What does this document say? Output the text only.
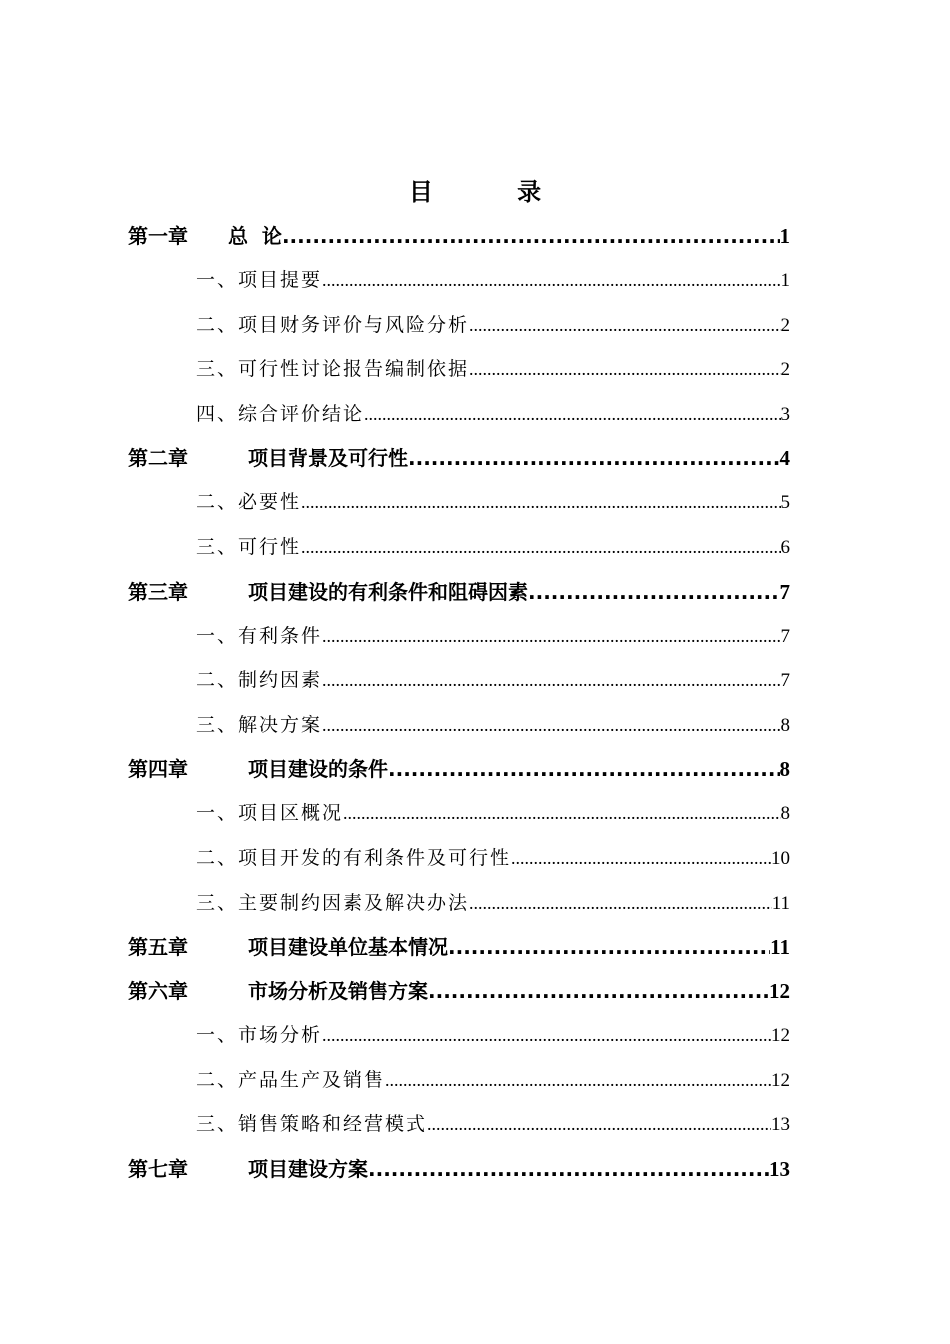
目 录
第一章	总  论 .....	1
一、项目提要 .....	1
二、项目财务评价与风险分析 .....	2
三、可行性讨论报告编制依据 .....	2
四、综合评价结论 .....	3
第二章	项目背景及可行性 .....	4
二、必要性 .....	5
三、可行性 .....	6
第三章	项目建设的有利条件和阻碍因素 .....	7
一、有利条件 .....	7
二、制约因素 .....	7
三、解决方案 .....	8
第四章	项目建设的条件 .....	8
一、项目区概况 .....	8
二、项目开发的有利条件及可行性 .....	10
三、主要制约因素及解决办法 .....	11
第五章	项目建设单位基本情况 .....	11
第六章	市场分析及销售方案 .....	12
一、市场分析 .....	12
二、产品生产及销售 .....	12
三、销售策略和经营模式 .....	13
第七章	项目建设方案 .....	13
